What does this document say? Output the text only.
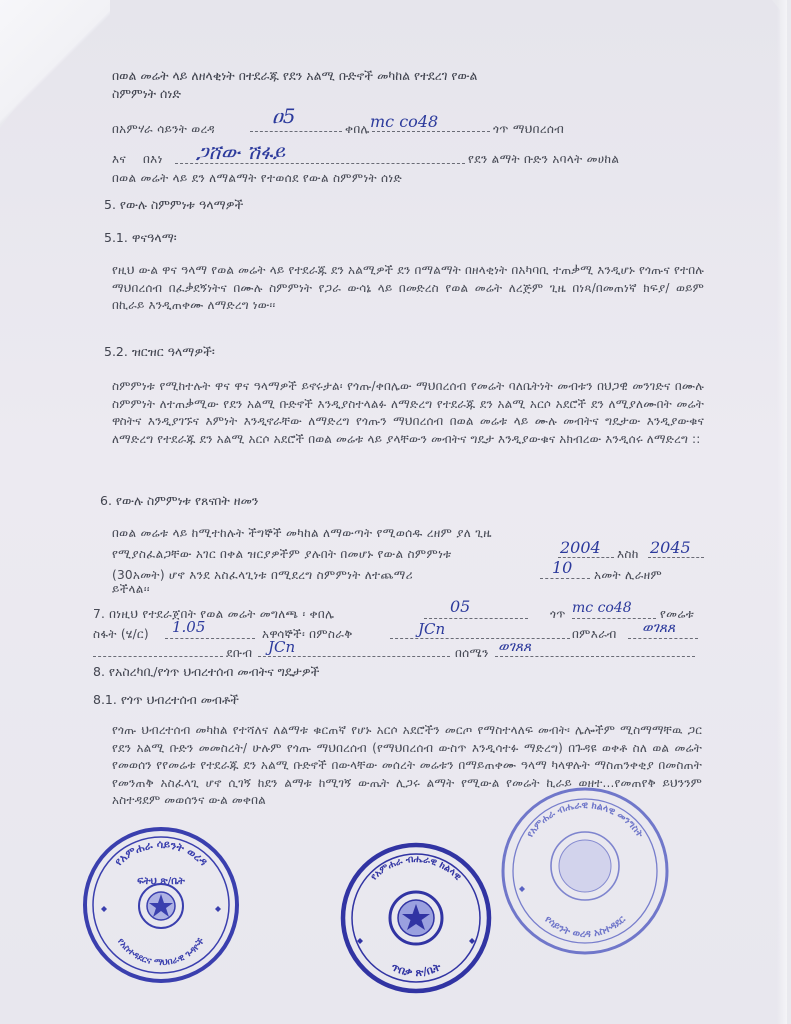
በወል መሬት ላይ ለዘላቂነት በተደራጁ የደን አልሚ ቡድኖች መካከል የተደረገ የውል
ስምምነት ሰነድ
በአምሃራ ሳይንት ወረዳ
ዐ5
ቀበሌ mc co48	ጎጥ ማህበረሰብ
እና በእነ ጋሸው ሽፋይ	የደን ልማት ቡድን አባላት መሀከል
በወል መሬት ላይ ደን ለማልማት የተወሰደ የውል ስምምነት ሰነድ
5. የውሉ ስምምነቱ ዓላማዎች
5.1. ዋናዓላማ፡
የዚህ ውል ዋና ዓላማ የወል መሬት ላይ የተደራጁ ደን አልሚዎች ደን በማልማት በዘላቂነት በአካባቢ ተጠቃሚ እንዲሆኑ የጎጡና የተበሉ ማህበረሰብ በፈቃደኝነትና በሙሉ ስምምነት የጋራ ውሳኔ ላይ በመድረስ የወል መሬት ለረጅም ጊዜ በነጻ/በመጠነኛ ክፍያ/ ወይም በኪራይ እንዲጠቀሙ ለማድረግ ነው፡፡
5.2. ዝርዝር ዓላማዎች፡
ስምምነቱ የሚከተሉት ዋና ዋና ዓላማዎች ይኖሩታል፡ የጎጡ/ቀበሌው ማህበረሰብ የመሬት ባለቤትነት መብቱን በህጋዊ መንገድና በሙሉ ስምምነት ለተጠቃሚው የደን አልሚ ቡድኖች እንዲያስተላልፉ ለማድረግ የተደራጁ ደን አልሚ አርሶ አደሮች ደን ለሚያለሙበት መሬት ዋስትና እንዲያገኙና እምነት እንዲኖራቸው ለማድረግ የጎጡን ማህበረሰብ በወል መሬቱ ላይ ሙሉ መብትና ግዴታው እንዲያውቁና ለማድረግ የተደራጁ ደን አልሚ አርሶ አደሮች በወል መሬቱ ላይ ያላቸውን መብትና ግዴታ እንዲያውቁና አክብረው እንዲሰሩ ለማድረግ ::
6. የውሉ ስምምነቱ የጸናበት ዘመን
በወል መሬቱ ላይ ከሚተከሉት ችግኞች መካከል ለማውጣት የሚወሰዱ ረዘም ያለ ጊዜ
የሚያስፈልጋቸው አገር በቀል ዝርያዎችም ያሉበት በመሆኑ የውል ስምምነቱ	2004 እስከ 2045
(30አመት) ሆኖ እንደ አስፈላጊነቱ በሚደረግ ስምምነት ለተጨማሪ	10 አመት ሊራዘም
ይችላል፡፡
7. በነዚህ የተደራጀበት የወል መሬት መግለጫ ፡ ቀበሌ	05	ጎጥ mc co48 የመሬቱ
ስፋት (ሄ/ር) 1.05	አዋሳኞች፡ በምስራቅ	JCn	በምእራብ ወገጸጸ
ደቡብ JCn	በሰሜን ወገጸጸ
8. የአስረካቢ/የጎጥ ህብረተሰብ መብትና ግዴታዎች
8.1. የጎጥ ህብረተሰብ መብቶች
የጎጡ ህብረተሰብ መካከል የተሻለና ለልማቱ ቁርጠኛ የሆኑ አርሶ አደሮችን መርጦ የማስተላለፍ መብት፡ ሌሎችም ሚስማማቸዉ ጋር የደን አልሚ ቡድን መመስረት/ ሁሉም የጎጡ ማህበረሰብ (የማህበረሰብ ውስጥ እንዲሳተፉ ማድረግ) በጉዳዩ ወቀቶ ስለ ወል መሬት የመወሰን የየመሬቱ የተደራጁ ደን አልሚ ቡድኖች በውላቸው መሰረት መሬቱን በማይጠቀሙ ዓላማ ካላዋሉት ማስጠንቀቂያ በመስጠት የመንጠቅ አስፈላጊ ሆኖ ሲገኝ ከደን ልማቱ ከሚገኝ ውጤት ሊጋሩ ልማት የሚውል የመሬት ኪራይ ወዘተ...የመጠየቅ ይህንንም አስተዳደም መወሰንና ውል መቀበል
የአምሐራ ሳይንት ወረዳ
ፍትህ ጽ/ቤት
የአስተዳደርና ማህበራዊ ጉዳዮች
የአምሐራ ብሔራዊ ክልላዊ
ጥበቃ ጽ/ቤት
የአምሐራ ብሔራዊ ክልላዊ መንግስት
የሳይንት ወረዳ አስተዳደር
